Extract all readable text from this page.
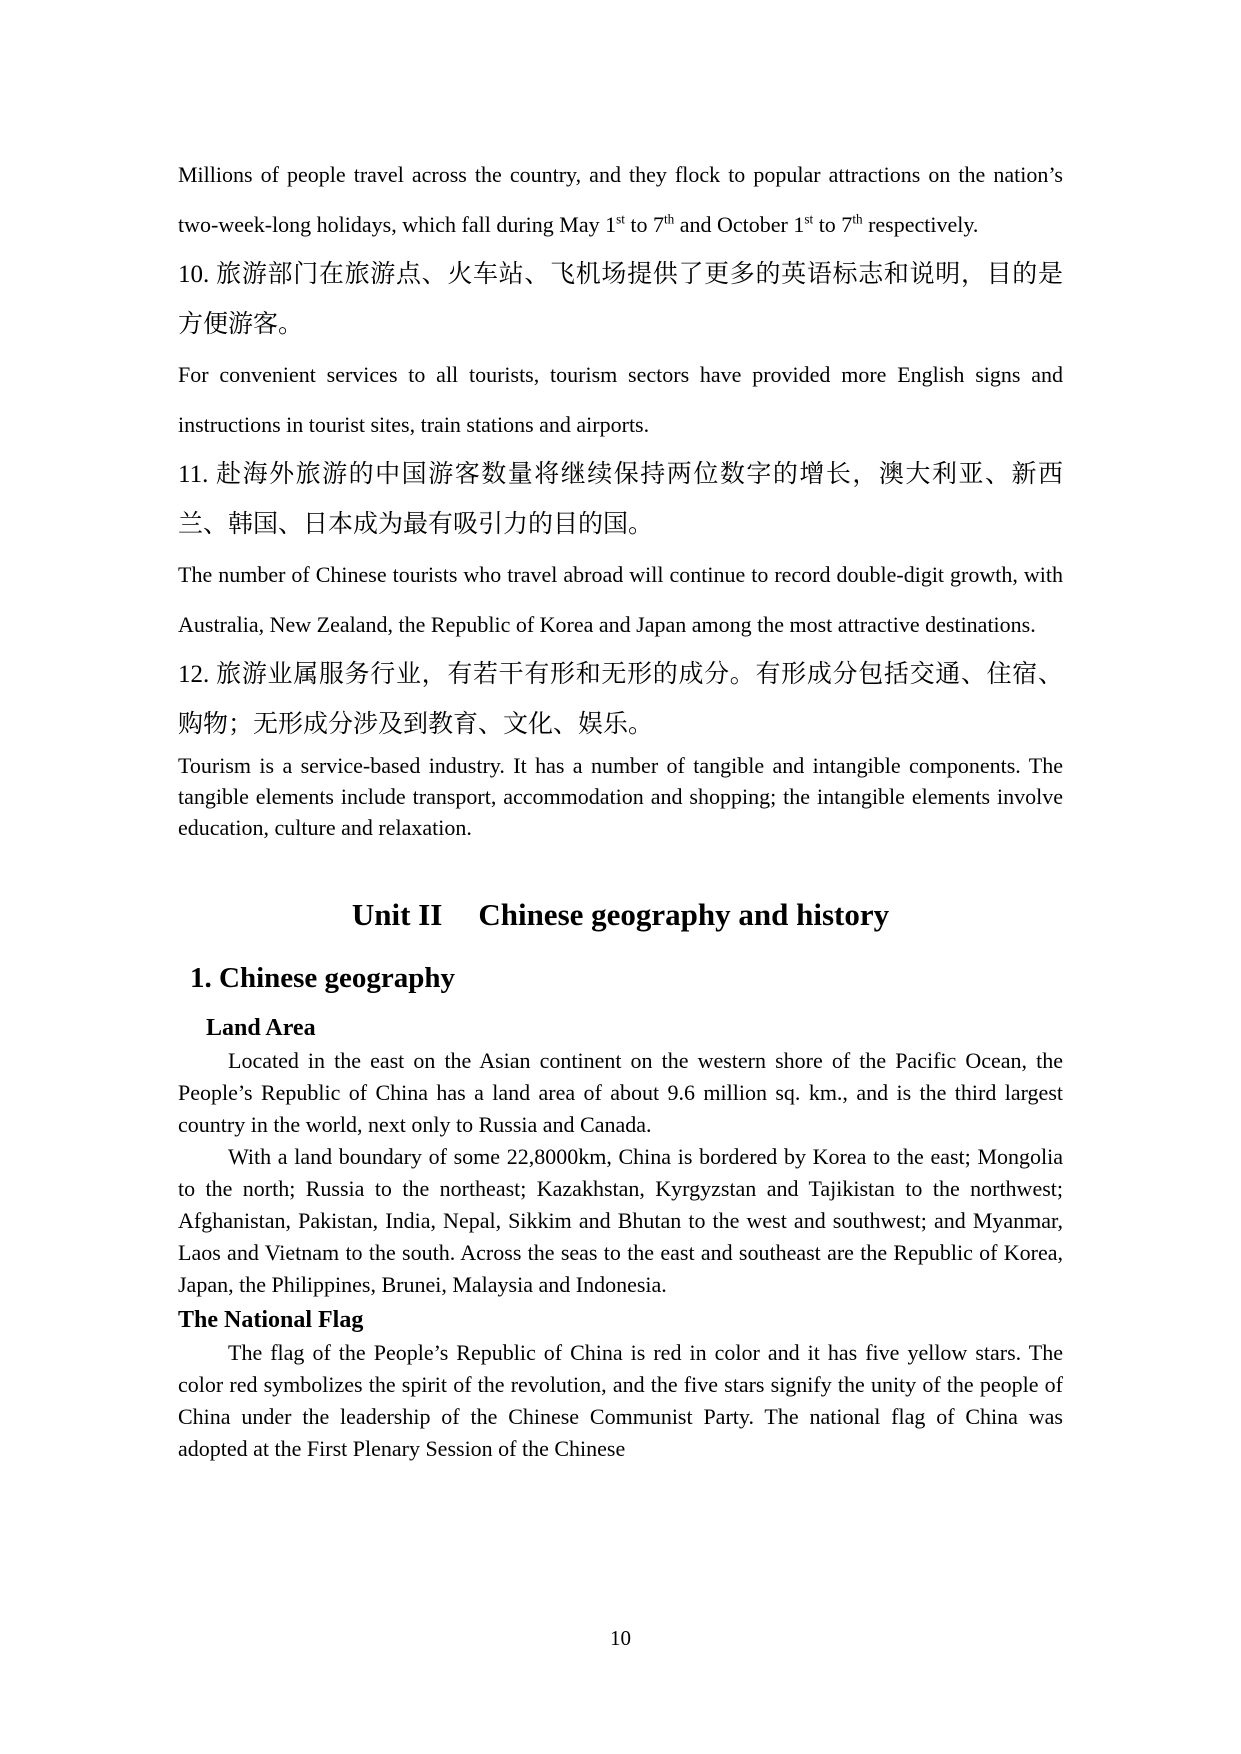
Millions of people travel across the country, and they flock to popular attractions on the nation’s two-week-long holidays, which fall during May 1st to 7th and October 1st to 7th respectively.

10. 旅游部门在旅游点、火车站、飞机场提供了更多的英语标志和说明，目的是方便游客。

For convenient services to all tourists, tourism sectors have provided more English signs and instructions in tourist sites, train stations and airports.

11. 赴海外旅游的中国游客数量将继续保持两位数字的增长，澳大利亚、新西兰、韩国、日本成为最有吸引力的目的国。

The number of Chinese tourists who travel abroad will continue to record double-digit growth, with Australia, New Zealand, the Republic of Korea and Japan among the most attractive destinations.

12. 旅游业属服务行业，有若干有形和无形的成分。有形成分包括交通、住宿、购物；无形成分涉及到教育、文化、娱乐。

Tourism is a service-based industry. It has a number of tangible and intangible components. The tangible elements include transport, accommodation and shopping; the intangible elements involve education, culture and relaxation.

Unit II Chinese geography and history
1. Chinese geography
Land Area

Located in the east on the Asian continent on the western shore of the Pacific Ocean, the People’s Republic of China has a land area of about 9.6 million sq. km., and is the third largest country in the world, next only to Russia and Canada.

With a land boundary of some 22,8000km, China is bordered by Korea to the east; Mongolia to the north; Russia to the northeast; Kazakhstan, Kyrgyzstan and Tajikistan to the northwest; Afghanistan, Pakistan, India, Nepal, Sikkim and Bhutan to the west and southwest; and Myanmar, Laos and Vietnam to the south. Across the seas to the east and southeast are the Republic of Korea, Japan, the Philippines, Brunei, Malaysia and Indonesia.

The National Flag

The flag of the People’s Republic of China is red in color and it has five yellow stars. The color red symbolizes the spirit of the revolution, and the five stars signify the unity of the people of China under the leadership of the Chinese Communist Party. The national flag of China was adopted at the First Plenary Session of the Chinese

10
